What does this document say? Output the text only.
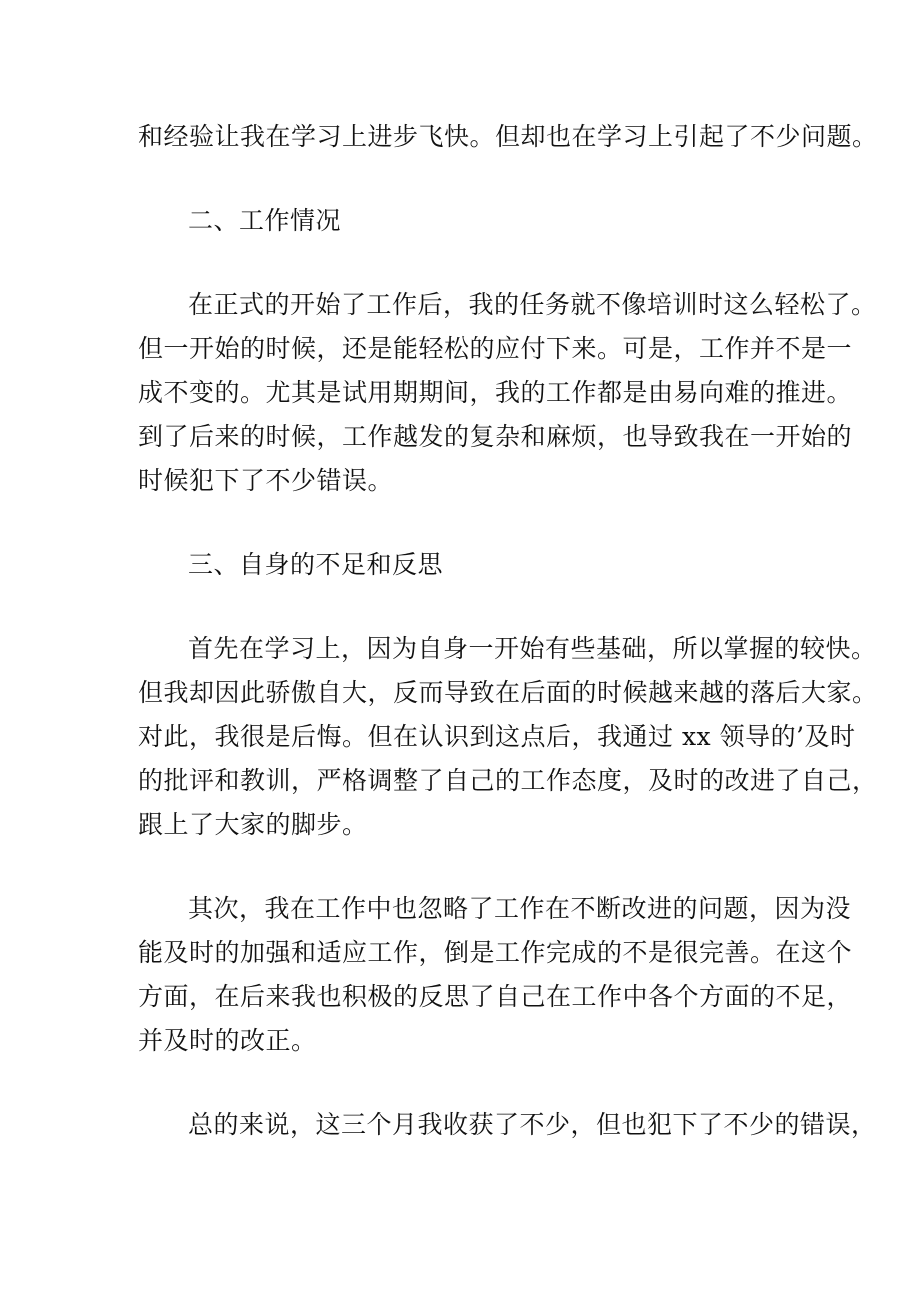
和经验让我在学习上进步飞快。但却也在学习上引起了不少问题。
二、工作情况
在正式的开始了工作后，我的任务就不像培训时这么轻松了。
但一开始的时候，还是能轻松的应付下来。可是，工作并不是一
成不变的。尤其是试用期期间，我的工作都是由易向难的推进。
到了后来的时候，工作越发的复杂和麻烦，也导致我在一开始的
时候犯下了不少错误。
三、自身的不足和反思
首先在学习上，因为自身一开始有些基础，所以掌握的较快。
但我却因此骄傲自大，反而导致在后面的时候越来越的落后大家。
对此，我很是后悔。但在认识到这点后，我通过 xx 领导的’及时
的批评和教训，严格调整了自己的工作态度，及时的改进了自己，
跟上了大家的脚步。
其次，我在工作中也忽略了工作在不断改进的问题，因为没
能及时的加强和适应工作，倒是工作完成的不是很完善。在这个
方面，在后来我也积极的反思了自己在工作中各个方面的不足，
并及时的改正。
总的来说，这三个月我收获了不少，但也犯下了不少的错误，
